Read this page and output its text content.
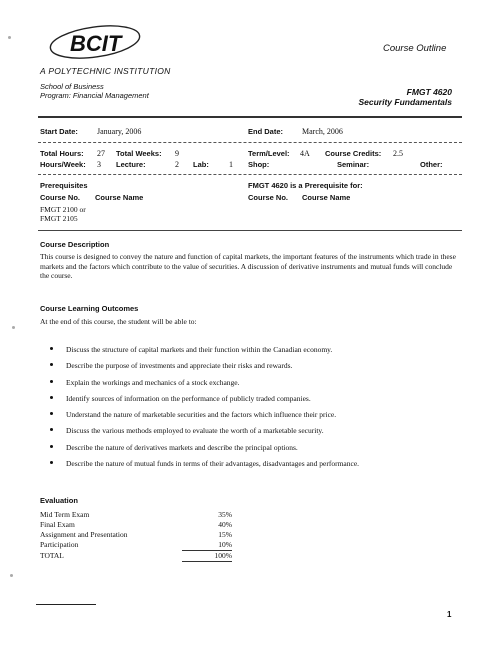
BCIT
A POLYTECHNIC INSTITUTION
Course Outline
School of Business
Program: Financial Management	FMGT 4620
Security Fundamentals
Start Date: January, 2006	End Date: March, 2006
Total Hours: 27 Total Weeks: 9	Term/Level: 4A Course Credits: 2.5
Hours/Week: 3 Lecture:	2 Lab:	1 Shop:	Seminar:	Other:
Prerequisites
Course No. Course Name
FMGT 2100 or
FMGT 2105
FMGT 4620 is a Prerequisite for:
Course No. Course Name
Course Description
This course is designed to convey the nature and function of capital markets, the important features of the instruments which trade in these markets and the factors which contribute to the value of securities. A discussion of derivative instruments and mutual funds will conclude the course.
Course Learning Outcomes
At the end of this course, the student will be able to:
Discuss the structure of capital markets and their function within the Canadian economy.
Describe the purpose of investments and appreciate their risks and rewards.
Explain the workings and mechanics of a stock exchange.
Identify sources of information on the performance of publicly traded companies.
Understand the nature of marketable securities and the factors which influence their price.
Discuss the various methods employed to evaluate the worth of a marketable security.
Describe the nature of derivatives markets and describe the principal options.
Describe the nature of mutual funds in terms of their advantages, disadvantages and performance.
Evaluation
Mid Term Exam	35%
Final Exam	40%
Assignment and Presentation	15%
Participation	10%
TOTAL	100%
1
